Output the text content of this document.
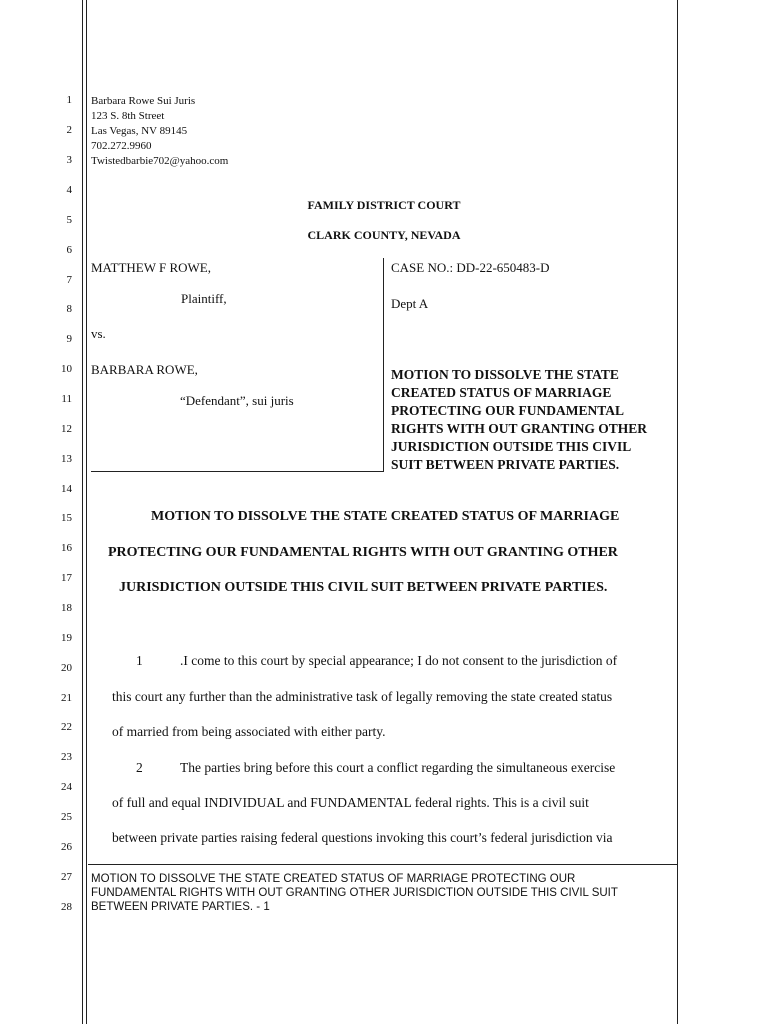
1
2
3
4
5
6
7
8
9
10
11
12
13
14
15
16
17
18
19
20
21
22
23
24
25
26
27
28
Barbara Rowe Sui Juris
123 S. 8th Street
Las Vegas, NV 89145
702.272.9960
Twistedbarbie702@yahoo.com
FAMILY DISTRICT COURT
CLARK COUNTY, NEVADA
MATTHEW F ROWE,
Plaintiff,
vs.
BARBARA ROWE,
“Defendant”, sui juris
CASE NO.: DD-22-650483-D
Dept A
MOTION TO DISSOLVE THE STATE
CREATED STATUS OF MARRIAGE
PROTECTING OUR FUNDAMENTAL
RIGHTS WITH OUT GRANTING OTHER
JURISDICTION OUTSIDE THIS CIVIL
SUIT BETWEEN PRIVATE PARTIES.
MOTION TO DISSOLVE THE STATE CREATED STATUS OF MARRIAGE
PROTECTING OUR FUNDAMENTAL RIGHTS WITH OUT GRANTING OTHER
JURISDICTION OUTSIDE THIS CIVIL SUIT BETWEEN PRIVATE PARTIES.
1	.I come to this court by special appearance; I do not consent to the jurisdiction of
this court any further than the administrative task of legally removing the state created status
of married from being associated with either party.
2	The parties bring before this court a conflict regarding the simultaneous exercise
of full and equal INDIVIDUAL and FUNDAMENTAL federal rights. This is a civil suit
between private parties raising federal questions invoking this court’s federal jurisdiction via
MOTION TO DISSOLVE THE STATE CREATED STATUS OF MARRIAGE PROTECTING OUR
FUNDAMENTAL RIGHTS WITH OUT GRANTING OTHER JURISDICTION OUTSIDE THIS CIVIL SUIT
BETWEEN PRIVATE PARTIES. - 1
